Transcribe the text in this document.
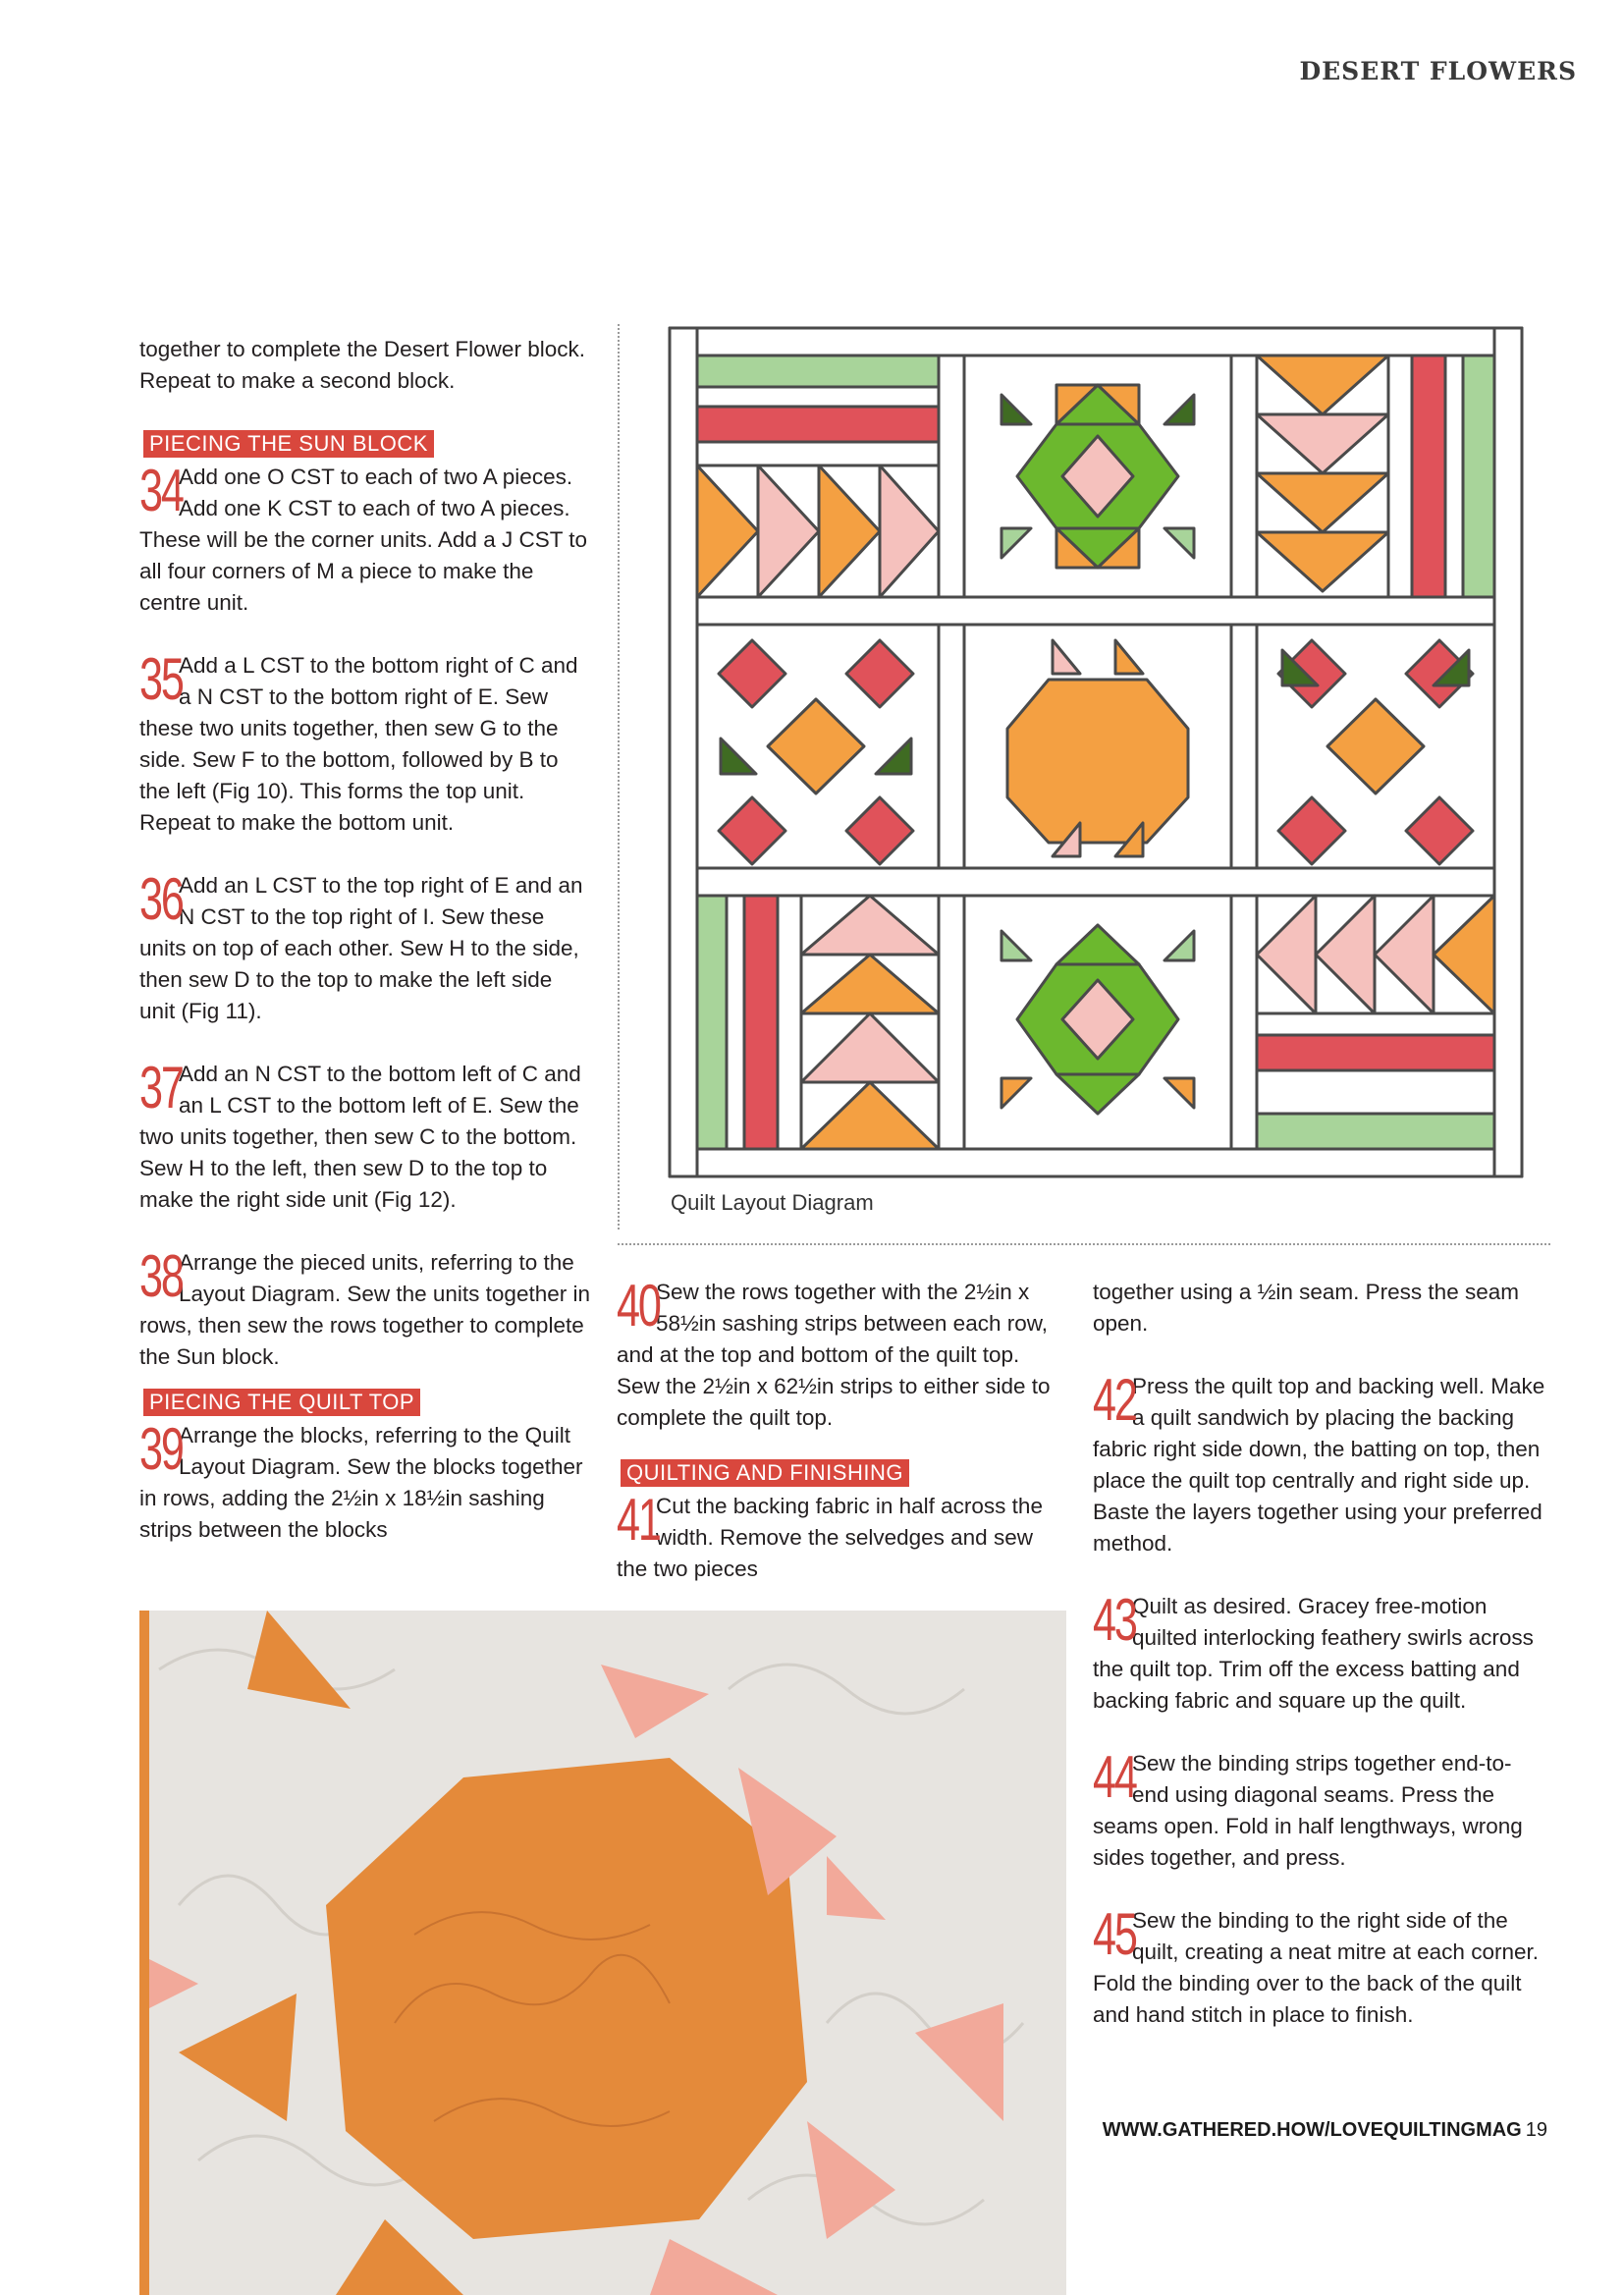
DESERT FLOWERS

together to complete the Desert Flower block. Repeat to make a second block.

PIECING THE SUN BLOCK

34
Add one O CST to each of two A pieces. Add one K CST to each of two A pieces. These will be the corner units. Add a J CST to all four corners of M a piece to make the centre unit.

35
Add a L CST to the bottom right of C and a N CST to the bottom right of E. Sew these two units together, then sew G to the side. Sew F to the bottom, followed by B to the left (Fig 10). This forms the top unit. Repeat to make the bottom unit.

36
Add an L CST to the top right of E and an N CST to the top right of I. Sew these units on top of each other. Sew H to the side, then sew D to the top to make the left side unit (Fig 11).

37
Add an N CST to the bottom left of C and an L CST to the bottom left of E. Sew the two units together, then sew C to the bottom. Sew H to the left, then sew D to the top to make the right side unit (Fig 12).

38
Arrange the pieced units, referring to the Layout Diagram. Sew the units together in rows, then sew the rows together to complete the Sun block.

PIECING THE QUILT TOP

39
Arrange the blocks, referring to the Quilt Layout Diagram. Sew the blocks together in rows, adding the 2½in x 18½in sashing strips between the blocks

40
Sew the rows together with the 2½in x 58½in sashing strips between each row, and at the top and bottom of the quilt top. Sew the 2½in x 62½in strips to either side to complete the quilt top.

QUILTING AND FINISHING

41
Cut the backing fabric in half across the width. Remove the selvedges and sew the two pieces

together using a ½in seam. Press the seam open.

42
Press the quilt top and backing well. Make a quilt sandwich by placing the backing fabric right side down, the batting on top, then place the quilt top centrally and right side up. Baste the layers together using your preferred method.

43
Quilt as desired. Gracey free-motion quilted interlocking feathery swirls across the quilt top. Trim off the excess batting and backing fabric and square up the quilt.

44
Sew the binding strips together end-to-end using diagonal seams. Press the seams open. Fold in half lengthways, wrong sides together, and press.

45
Sew the binding to the right side of the quilt, creating a neat mitre at each corner. Fold the binding over to the back of the quilt and hand stitch in place to finish.

Quilt Layout Diagram
WWW.GATHERED.HOW/LOVEQUILTINGMAG 19
